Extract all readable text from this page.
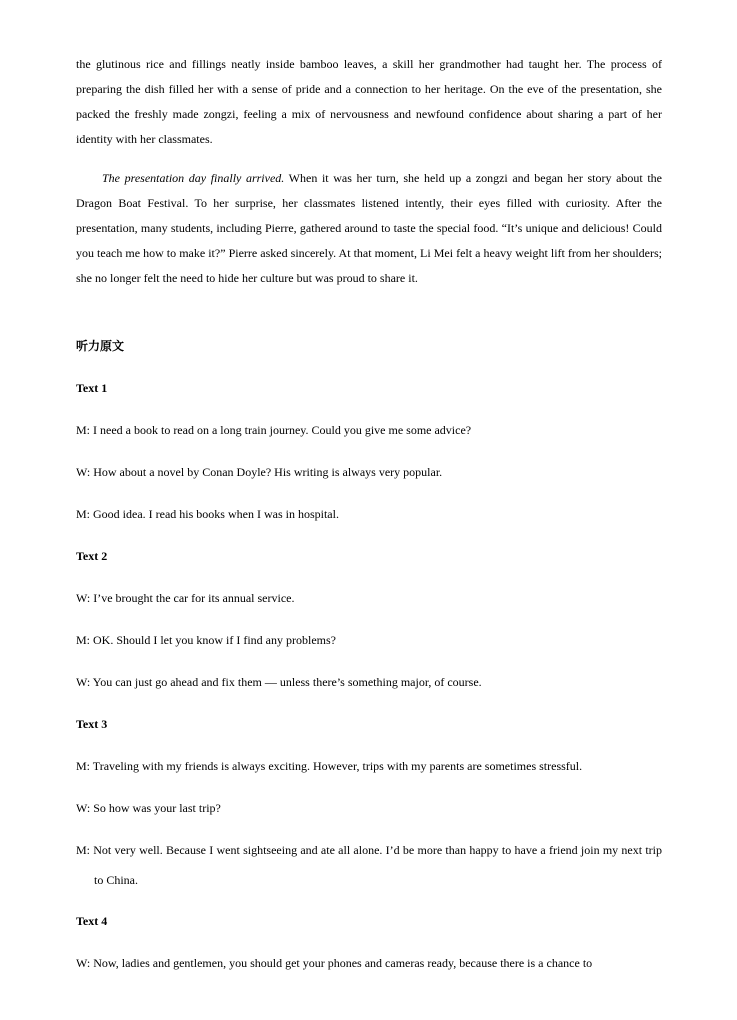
the glutinous rice and fillings neatly inside bamboo leaves, a skill her grandmother had taught her. The process of preparing the dish filled her with a sense of pride and a connection to her heritage. On the eve of the presentation, she packed the freshly made zongzi, feeling a mix of nervousness and newfound confidence about sharing a part of her identity with her classmates.

The presentation day finally arrived. When it was her turn, she held up a zongzi and began her story about the Dragon Boat Festival. To her surprise, her classmates listened intently, their eyes filled with curiosity. After the presentation, many students, including Pierre, gathered around to taste the special food. “It’s unique and delicious! Could you teach me how to make it?” Pierre asked sincerely. At that moment, Li Mei felt a heavy weight lift from her shoulders; she no longer felt the need to hide her culture but was proud to share it.

听力原文

Text 1

M: I need a book to read on a long train journey. Could you give me some advice?

W: How about a novel by Conan Doyle? His writing is always very popular.

M: Good idea. I read his books when I was in hospital.

Text 2

W: I’ve brought the car for its annual service.

M: OK. Should I let you know if I find any problems?

W: You can just go ahead and fix them — unless there’s something major, of course.

Text 3

M: Traveling with my friends is always exciting. However, trips with my parents are sometimes stressful.

W: So how was your last trip?

M: Not very well. Because I went sightseeing and ate all alone. I’d be more than happy to have a friend join my next trip to China.

Text 4

W: Now, ladies and gentlemen, you should get your phones and cameras ready, because there is a chance to
